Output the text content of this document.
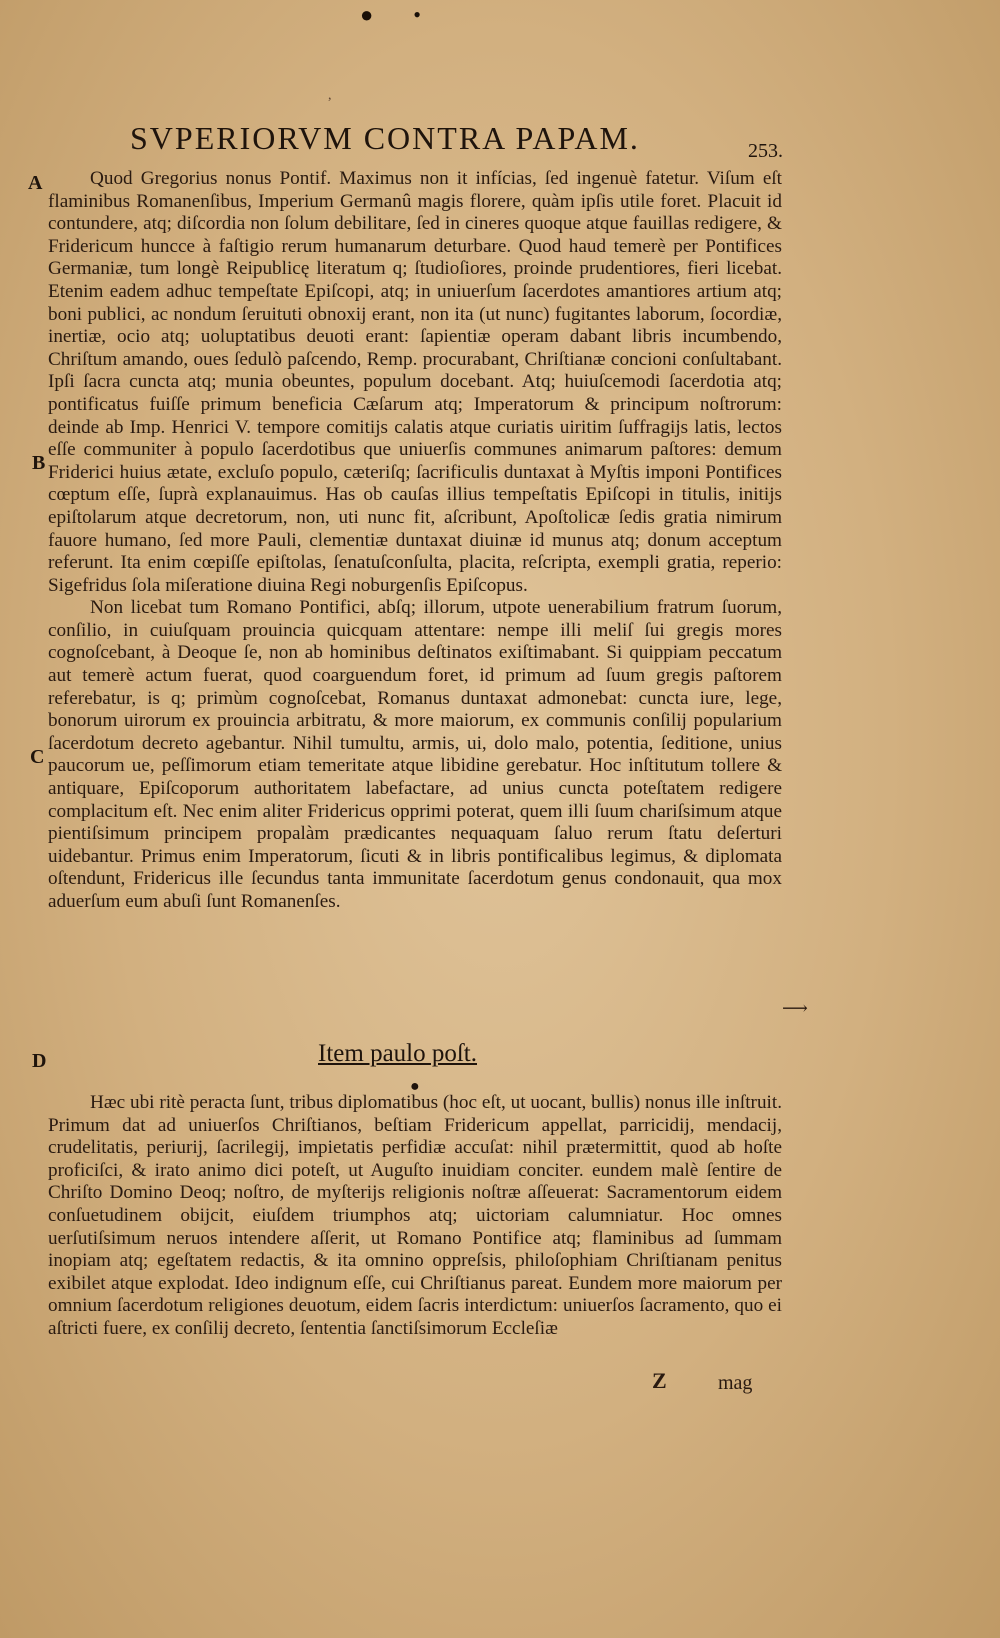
● •
,
SVPERIORVM CONTRA PAPAM.	253.
A
B
C
D

Quod Gregorius nonus Pontif. Maximus non it infícias, ſed ingenuè fatetur. Viſum eſt flaminibus Romanenſibus, Imperium Germanû magis florere, quàm ipſis utile foret. Placuit id contundere, atq; diſcordia non ſolum debilitare, ſed in cineres quoque atque fauillas redigere, & Fridericum huncce à faſtigio rerum humanarum deturbare. Quod haud temerè per Pontifices Germaniæ, tum longè Reipublicę literatum q; ſtudioſiores, proinde prudentiores, fieri licebat. Etenim eadem adhuc tempeſtate Epiſcopi, atq; in uniuerſum ſacerdotes amantiores artium atq; boni publici, ac nondum ſeruituti obnoxij erant, non ita (ut nunc) fugitantes laborum, ſocordiæ, inertiæ, ocio atq; uoluptatibus deuoti erant: ſapientiæ operam dabant libris incumbendo, Chriſtum amando, oues ſedulò paſcendo, Remp. procurabant, Chriſtianæ concioni conſultabant. Ipſi ſacra cuncta atq; munia obeuntes, populum docebant. Atq; huiuſcemodi ſacerdotia atq; pontificatus fuiſſe primum beneficia Cæſarum atq; Imperatorum & principum noſtrorum: deinde ab Imp. Henrici V. tempore comitijs calatis atque curiatis uiritim ſuffragijs latis, lectos eſſe communiter à populo ſacerdotibus que uniuerſis communes animarum paſtores: demum Friderici huius ætate, excluſo populo, cæteriſq; ſacrificulis duntaxat à Myſtis imponi Pontifices cœptum eſſe, ſuprà explanauimus. Has ob cauſas illius tempeſtatis Epiſcopi in titulis, initijs epiſtolarum atque decretorum, non, uti nunc fit, aſcribunt, Apoſtolicæ ſedis gratia nimirum fauore humano, ſed more Pauli, clementiæ duntaxat diuinæ id munus atq; donum acceptum referunt. Ita enim cœpiſſe epiſtolas, ſenatuſconſulta, placita, reſcripta, exempli gratia, reperio: Sigefridus ſola miſeratione diuina Regi noburgenſis Epiſcopus.

Non licebat tum Romano Pontifici, abſq; illorum, utpote uenerabilium fratrum ſuorum, conſilio, in cuiuſquam prouincia quicquam attentare: nempe illi meliſ ſui gregis mores cognoſcebant, à Deoque ſe, non ab hominibus deſtinatos exiſtimabant. Si quippiam peccatum aut temerè actum fuerat, quod coarguendum foret, id primum ad ſuum gregis paſtorem referebatur, is q; primùm cognoſcebat, Romanus duntaxat admonebat: cuncta iure, lege, bonorum uirorum ex prouincia arbitratu, & more maiorum, ex communis conſilij popularium ſacerdotum decreto agebantur. Nihil tumultu, armis, ui, dolo malo, potentia, ſeditione, unius paucorum ue, peſſimorum etiam temeritate atque libidine gerebatur. Hoc inſtitutum tollere & antiquare, Epiſcoporum authoritatem labefactare, ad unius cuncta poteſtatem redigere complacitum eſt. Nec enim aliter Fridericus opprimi poterat, quem illi ſuum chariſsimum atque pientiſsimum principem propalàm prædicantes nequaquam ſaluo rerum ſtatu deſerturi uidebantur. Primus enim Imperatorum, ſicuti & in libris pontificalibus legimus, & diplomata oſtendunt, Fridericus ille ſecundus tanta immunitate ſacerdotum genus condonauit, qua mox aduerſum eum abuſi ſunt Romanenſes.

⟶
Item paulo poſt.
●

Hæc ubi ritè peracta ſunt, tribus diplomatibus (hoc eſt, ut uocant, bullis) nonus ille inſtruit. Primum dat ad uniuerſos Chriſtianos, beſtiam Fridericum appellat, parricidij, mendacij, crudelitatis, periurij, ſacrilegij, impietatis perfidiæ accuſat: nihil prætermittit, quod ab hoſte proficiſci, & irato animo dici poteſt, ut Auguſto inuidiam conciter. eundem malè ſentire de Chriſto Domino Deoq; noſtro, de myſterijs religionis noſtræ aſſeuerat: Sacramentorum eidem conſuetudinem obijcit, eiuſdem triumphos atq; uictoriam calumniatur. Hoc omnes uerſutiſsimum neruos intendere aſſerit, ut Romano Pontifice atq; flaminibus ad ſummam inopiam atq; egeſtatem redactis, & ita omnino oppreſsis, philoſophiam Chriſtianam penitus exibilet atque explodat. Ideo indignum eſſe, cui Chriſtianus pareat. Eundem more maiorum per omnium ſacerdotum religiones deuotum, eidem ſacris interdictum: uniuerſos ſacramento, quo ei aſtricti fuere, ex conſilij decreto, ſententia ſanctiſsimorum Eccleſiæ

Z	mag
